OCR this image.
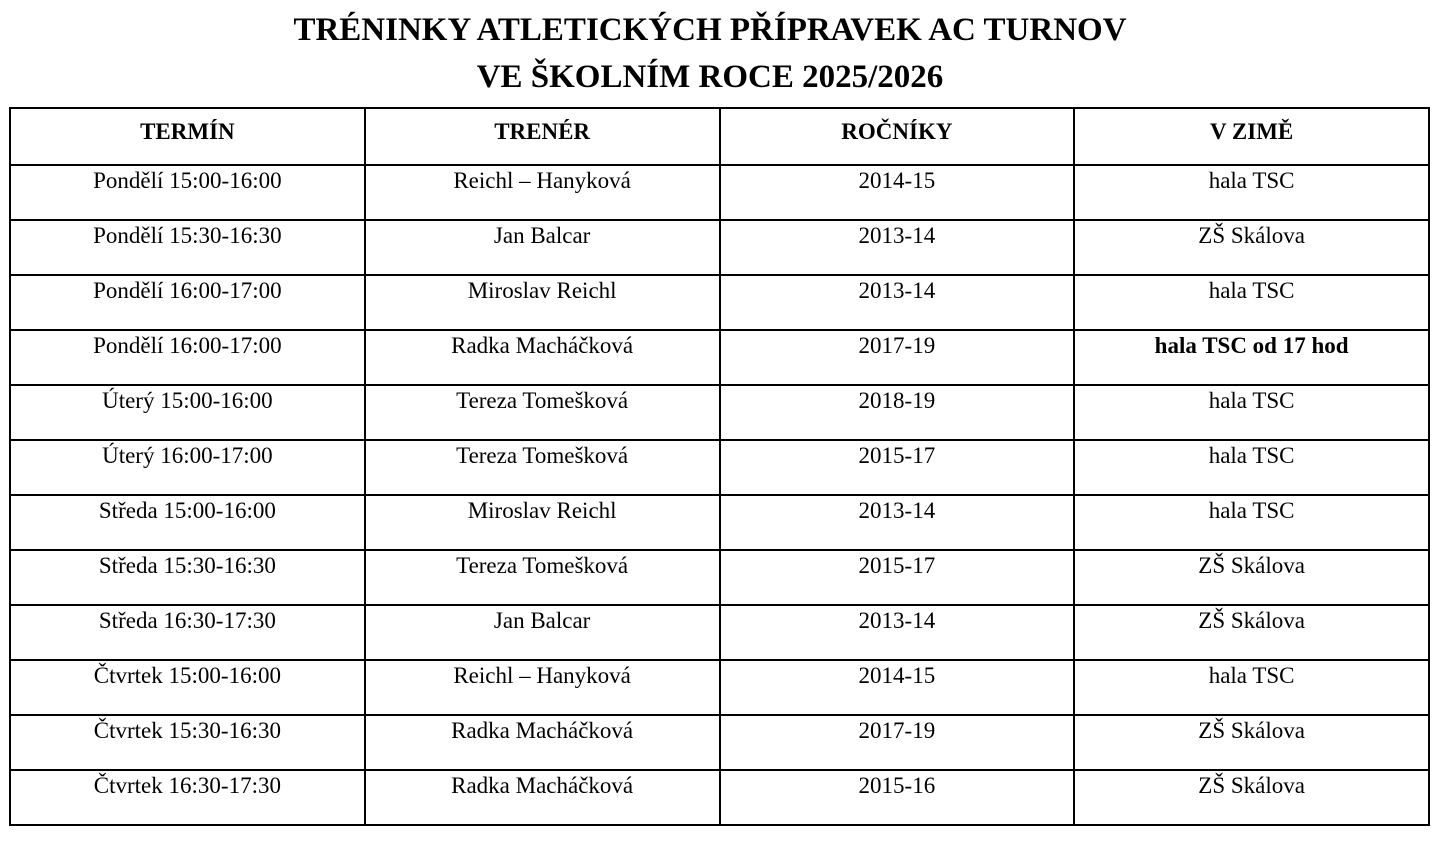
TRÉNINKY ATLETICKÝCH PŘÍPRAVEK AC TURNOV
VE ŠKOLNÍM ROCE 2025/2026
TERMÍN	TRENÉR	ROČNÍKY	V ZIMĚ
Pondělí 15:00-16:00	Reichl – Hanyková	2014-15	hala TSC
Pondělí 15:30-16:30	Jan Balcar	2013-14	ZŠ Skálova
Pondělí 16:00-17:00	Miroslav Reichl	2013-14	hala TSC
Pondělí 16:00-17:00	Radka Macháčková	2017-19	hala TSC od 17 hod
Úterý 15:00-16:00	Tereza Tomešková	2018-19	hala TSC
Úterý 16:00-17:00	Tereza Tomešková	2015-17	hala TSC
Středa 15:00-16:00	Miroslav Reichl	2013-14	hala TSC
Středa 15:30-16:30	Tereza Tomešková	2015-17	ZŠ Skálova
Středa 16:30-17:30	Jan Balcar	2013-14	ZŠ Skálova
Čtvrtek 15:00-16:00	Reichl – Hanyková	2014-15	hala TSC
Čtvrtek 15:30-16:30	Radka Macháčková	2017-19	ZŠ Skálova
Čtvrtek 16:30-17:30	Radka Macháčková	2015-16	ZŠ Skálova
